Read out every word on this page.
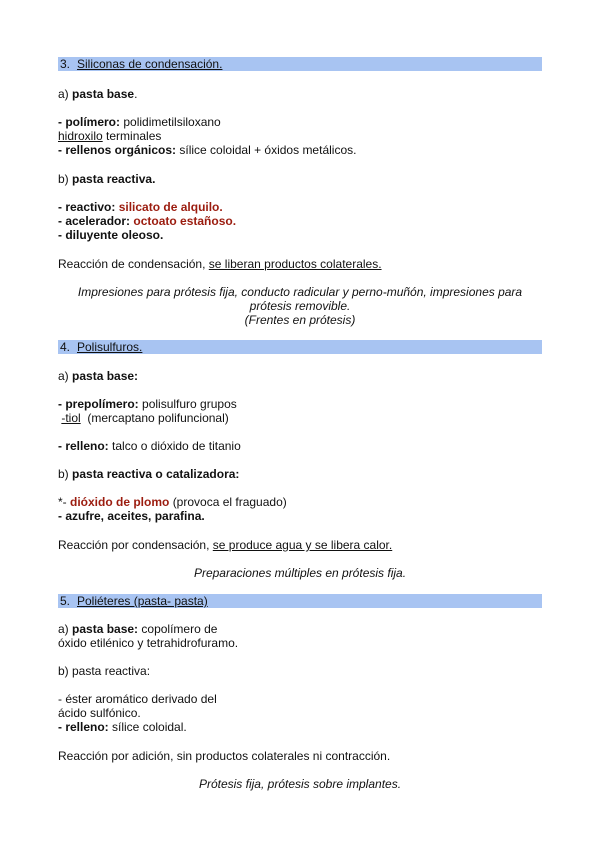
3. Siliconas de condensación.
a) pasta base.
- polímero: polidimetilsiloxano
hidroxilo terminales
- rellenos orgánicos: sílice coloidal + óxidos metálicos.
b) pasta reactiva.
- reactivo: silicato de alquilo.
- acelerador: octoato estañoso.
- diluyente oleoso.
Reacción de condensación, se liberan productos colaterales.
Impresiones para prótesis fija, conducto radicular y perno-muñón, impresiones para
prótesis removible.
(Frentes en prótesis)
4. Polisulfuros.
a) pasta base:
- prepolímero: polisulfuro grupos
-tiol (mercaptano polifuncional)
- relleno: talco o dióxido de titanio
b) pasta reactiva o catalizadora:
*- dióxido de plomo (provoca el fraguado)
- azufre, aceites, parafina.
Reacción por condensación, se produce agua y se libera calor.
Preparaciones múltiples en prótesis fija.
5. Poliéteres (pasta- pasta)
a) pasta base: copolímero de
óxido etilénico y tetrahidrofuramo.
b) pasta reactiva:
- éster aromático derivado del
ácido sulfónico.
- relleno: sílice coloidal.
Reacción por adición, sin productos colaterales ni contracción.
Prótesis fija, prótesis sobre implantes.
